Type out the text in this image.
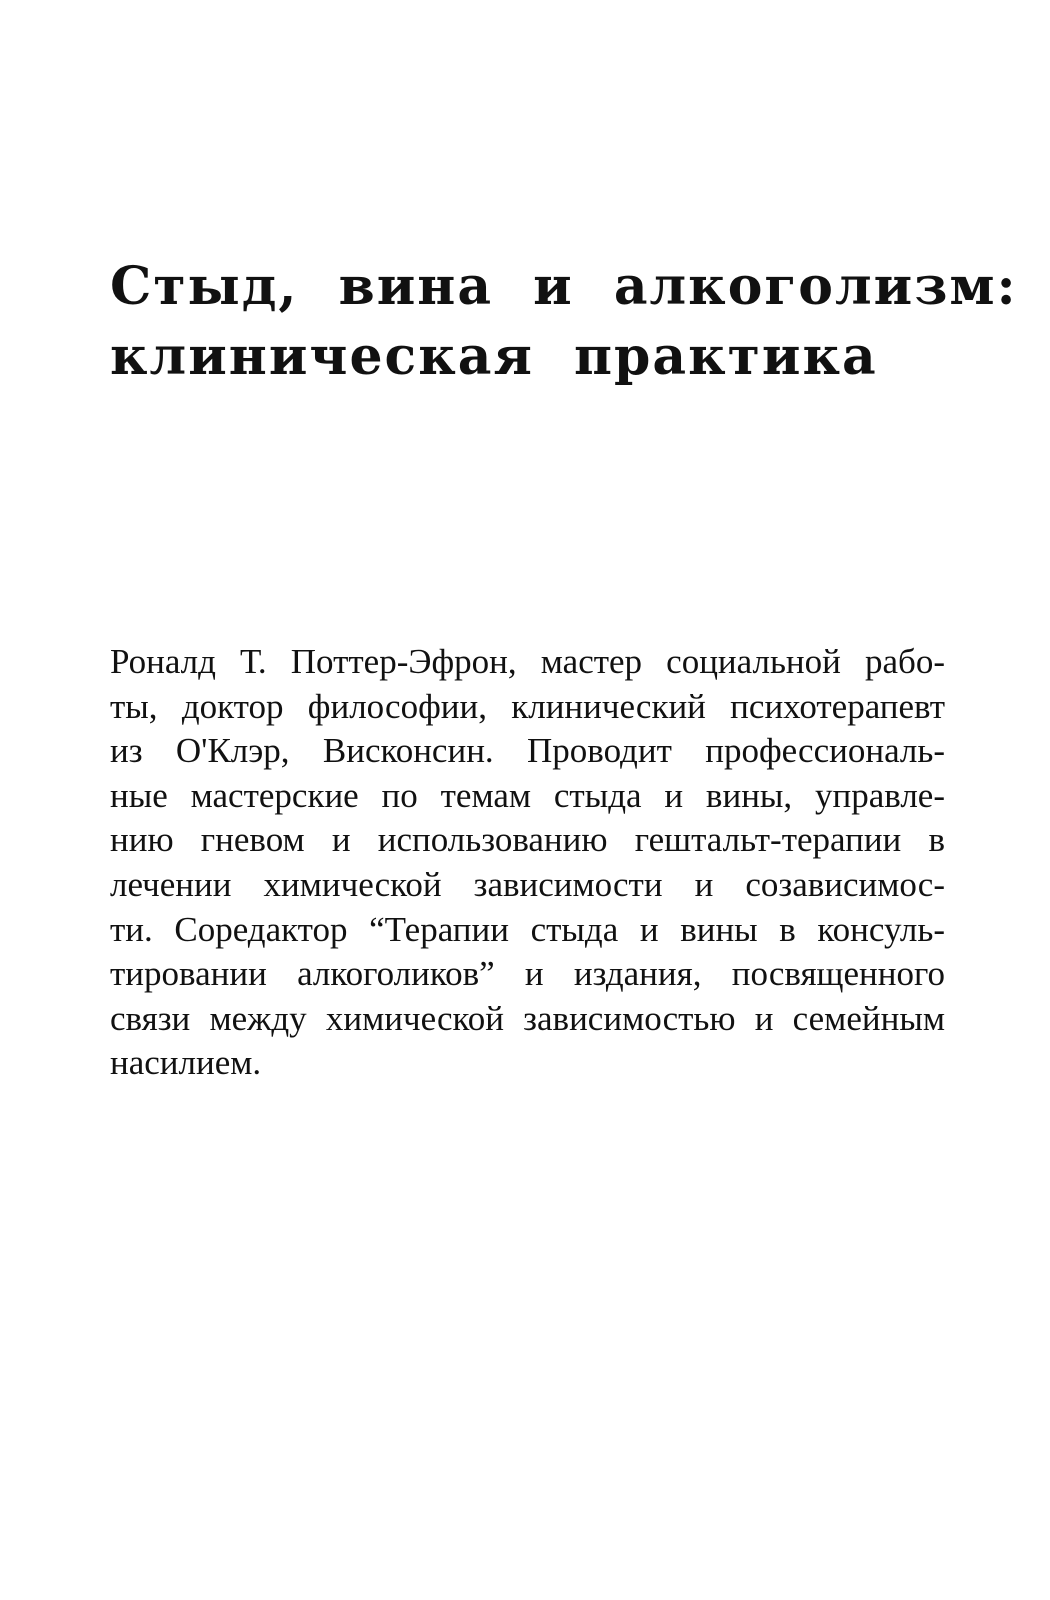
Стыд, вина и алкоголизм:
клиническая практика
Роналд Т. Поттер-Эфрон, мастер социальной рабо-
ты, доктор философии, клинический психотерапевт
из О'Клэр, Висконсин. Проводит профессиональ-
ные мастерские по темам стыда и вины, управле-
нию гневом и использованию гештальт-терапии в
лечении химической зависимости и созависимос-
ти. Соредактор “Терапии стыда и вины в консуль-
тировании алкоголиков” и издания, посвященного
связи между химической зависимостью и семейным
насилием.
